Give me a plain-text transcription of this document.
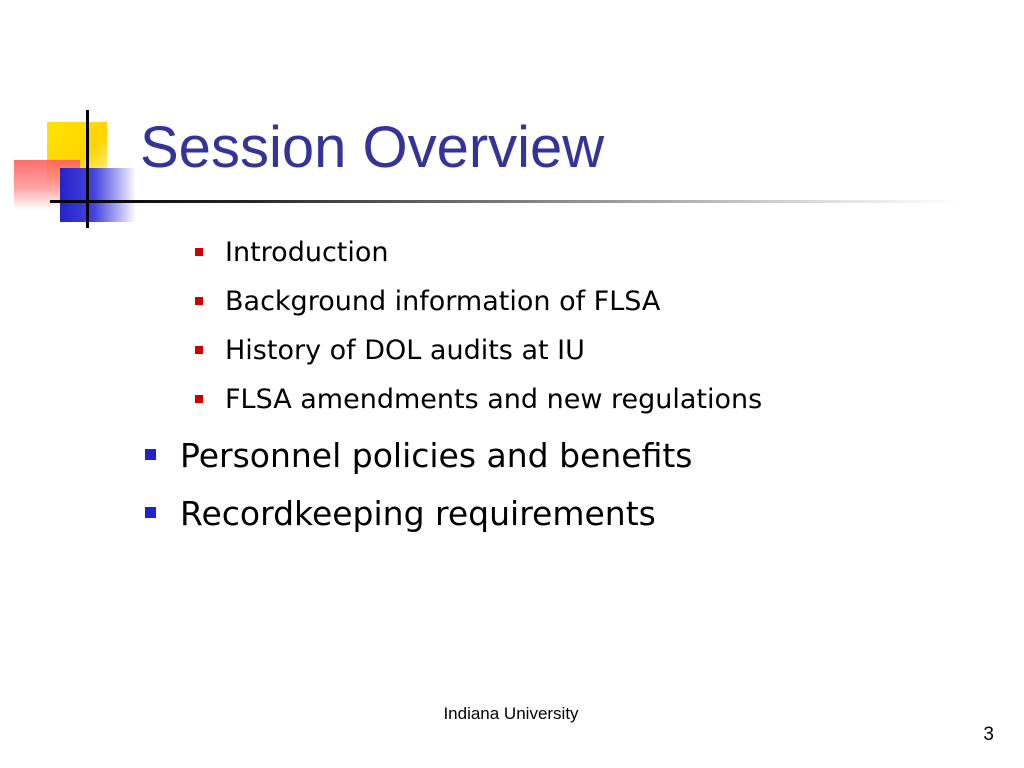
Session Overview
Introduction
Background information of FLSA
History of DOL audits at IU
FLSA amendments and new regulations
Personnel policies and benefits
Recordkeeping requirements
Indiana University
3
